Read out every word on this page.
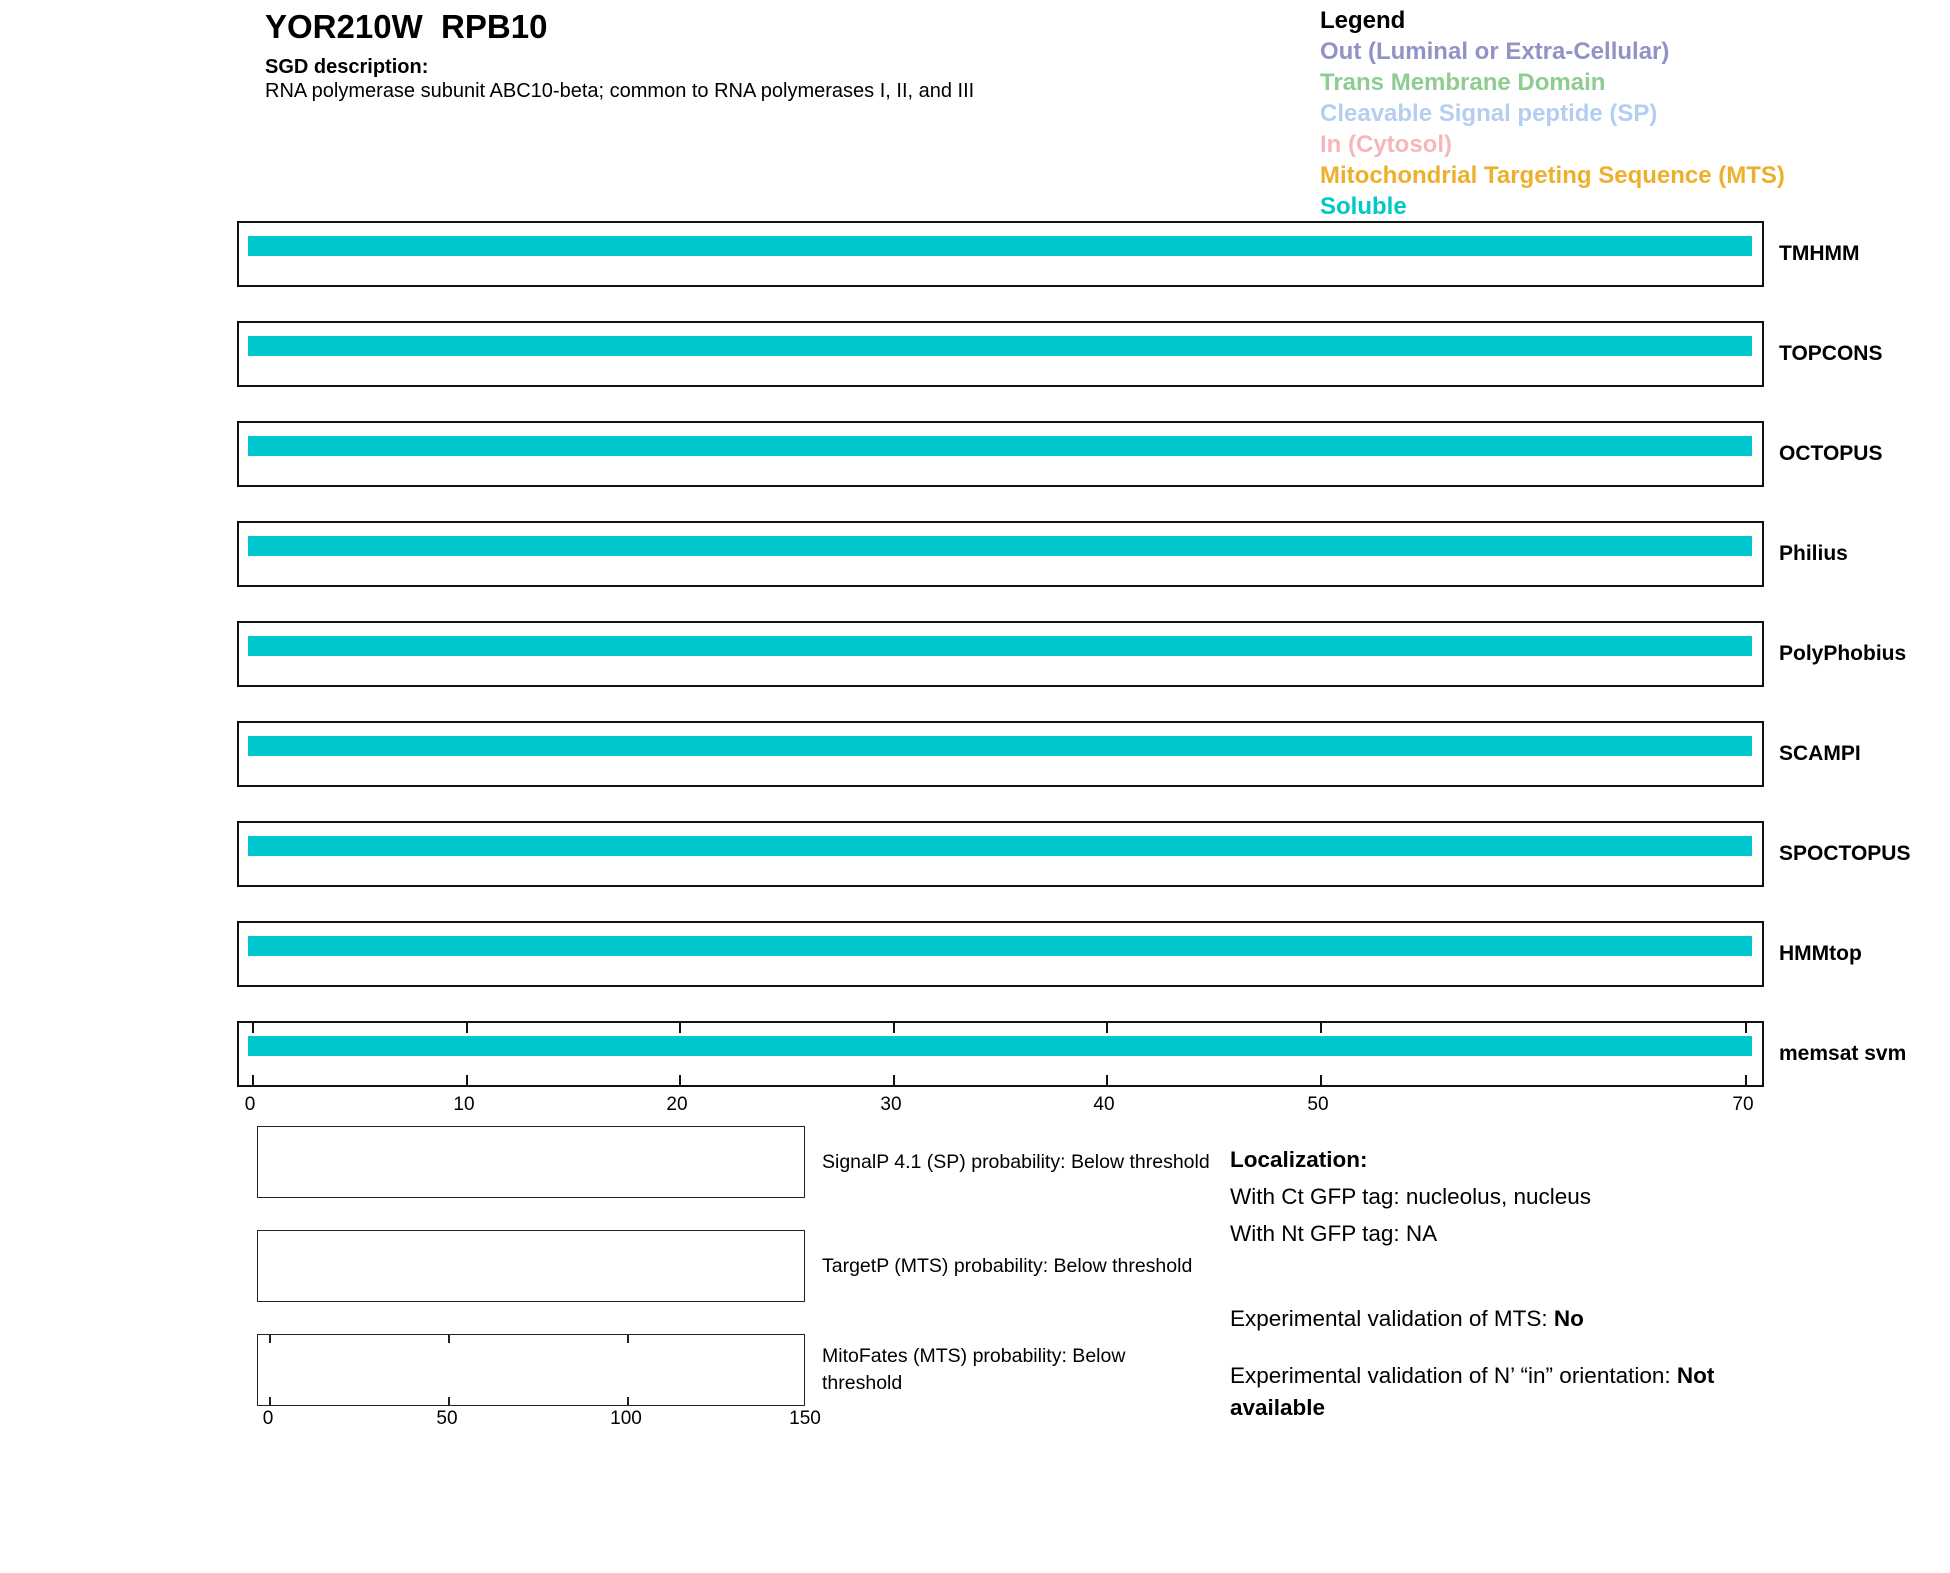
YOR210W  RPB10
SGD description:
RNA polymerase subunit ABC10-beta; common to RNA polymerases I, II, and III
Legend
Out (Luminal or Extra-Cellular)
Trans Membrane Domain
Cleavable Signal peptide (SP)
In (Cytosol)
Mitochondrial Targeting Sequence (MTS)
Soluble
TMHMM
TOPCONS
OCTOPUS
Philius
PolyPhobius
SCAMPI
SPOCTOPUS
HMMtop
memsat svm
0	10	20	30	40	50	70
SignalP 4.1 (SP) probability: Below threshold
TargetP (MTS) probability: Below threshold
MitoFates (MTS) probability: Below threshold
0	50	100	150
Localization:
With Ct GFP tag: nucleolus, nucleus
With Nt GFP tag: NA
Experimental validation of MTS: No
Experimental validation of N’ “in” orientation: Not available
